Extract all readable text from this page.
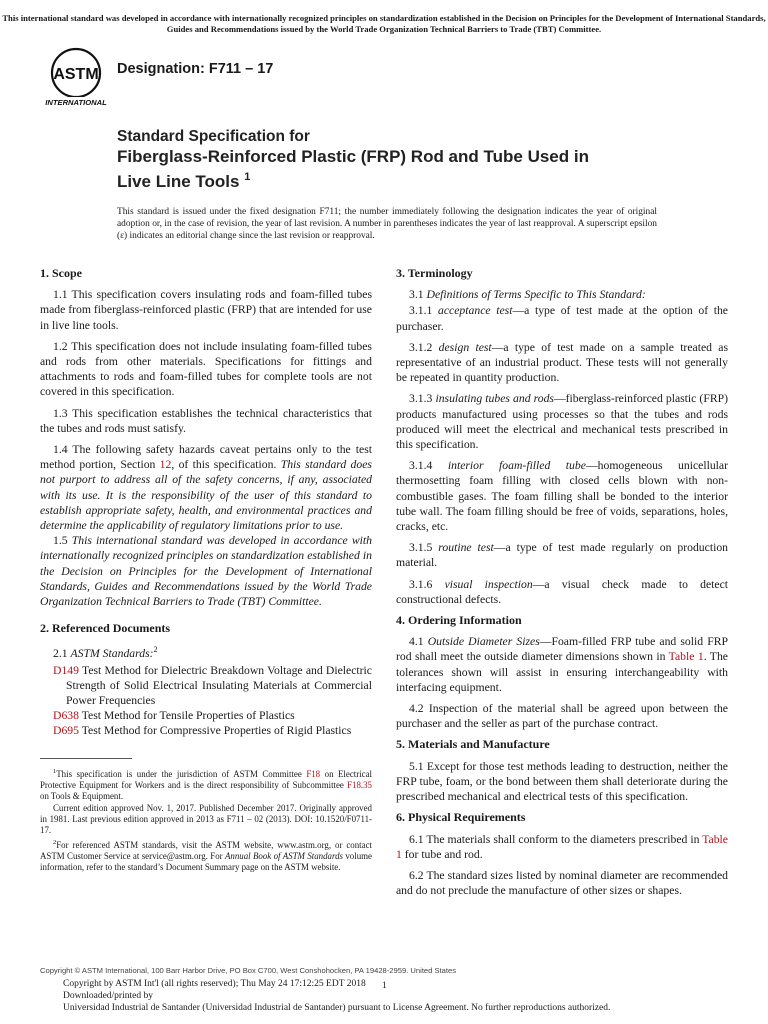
This international standard was developed in accordance with internationally recognized principles on standardization established in the Decision on Principles for the Development of International Standards, Guides and Recommendations issued by the World Trade Organization Technical Barriers to Trade (TBT) Committee.
ASTM
INTERNATIONAL
Designation: F711 – 17
Standard Specification for
Fiberglass-Reinforced Plastic (FRP) Rod and Tube Used in
Live Line Tools $^1$
This standard is issued under the fixed designation F711; the number immediately following the designation indicates the year of original adoption or, in the case of revision, the year of last revision. A number in parentheses indicates the year of last reapproval. A superscript epsilon (ε) indicates an editorial change since the last revision or reapproval.
1. Scope

1.1 This specification covers insulating rods and foam-filled tubes made from fiberglass-reinforced plastic (FRP) that are intended for use in live line tools.

1.2 This specification does not include insulating foam-filled tubes and rods from other materials. Specifications for fittings and attachments to rods and foam-filled tubes for complete tools are not covered in this specification.

1.3 This specification establishes the technical characteristics that the tubes and rods must satisfy.

1.4 The following safety hazards caveat pertains only to the test method portion, Section 12, of this specification. This standard does not purport to address all of the safety concerns, if any, associated with its use. It is the responsibility of the user of this standard to establish appropriate safety, health, and environmental practices and determine the applicability of regulatory limitations prior to use.

1.5 This international standard was developed in accordance with internationally recognized principles on standardization established in the Decision on Principles for the Development of International Standards, Guides and Recommendations issued by the World Trade Organization Technical Barriers to Trade (TBT) Committee.

2. Referenced Documents

2.1 ASTM Standards:$^2$

D149 Test Method for Dielectric Breakdown Voltage and Dielectric Strength of Solid Electrical Insulating Materials at Commercial Power Frequencies

D638 Test Method for Tensile Properties of Plastics

D695 Test Method for Compressive Properties of Rigid Plastics

$^1$This specification is under the jurisdiction of ASTM Committee F18 on Electrical Protective Equipment for Workers and is the direct responsibility of Subcommittee F18.35 on Tools & Equipment.

Current edition approved Nov. 1, 2017. Published December 2017. Originally approved in 1981. Last previous edition approved in 2013 as F711 – 02 (2013). DOI: 10.1520/F0711-17.

$^2$For referenced ASTM standards, visit the ASTM website, www.astm.org, or contact ASTM Customer Service at service@astm.org. For Annual Book of ASTM Standards volume information, refer to the standard’s Document Summary page on the ASTM website.

3. Terminology

3.1 Definitions of Terms Specific to This Standard:

3.1.1 acceptance test—a type of test made at the option of the purchaser.

3.1.2 design test—a type of test made on a sample treated as representative of an industrial product. These tests will not generally be repeated in quantity production.

3.1.3 insulating tubes and rods—fiberglass-reinforced plastic (FRP) products manufactured using processes so that the tubes and rods produced will meet the electrical and mechanical tests prescribed in this specification.

3.1.4 interior foam-filled tube—homogeneous unicellular thermosetting foam filling with closed cells blown with non-combustible gases. The foam filling shall be bonded to the interior tube wall. The foam filling should be free of voids, separations, holes, cracks, etc.

3.1.5 routine test—a type of test made regularly on production material.

3.1.6 visual inspection—a visual check made to detect constructional defects.

4. Ordering Information

4.1 Outside Diameter Sizes—Foam-filled FRP tube and solid FRP rod shall meet the outside diameter dimensions shown in Table 1. The tolerances shown will assist in ensuring interchangeability with interfacing equipment.

4.2 Inspection of the material shall be agreed upon between the purchaser and the seller as part of the purchase contract.

5. Materials and Manufacture

5.1 Except for those test methods leading to destruction, neither the FRP tube, foam, or the bond between them shall deteriorate during the prescribed mechanical and electrical tests of this specification.

6. Physical Requirements

6.1 The materials shall conform to the diameters prescribed in Table 1 for tube and rod.

6.2 The standard sizes listed by nominal diameter are recommended and do not preclude the manufacture of other sizes or shapes.

Copyright © ASTM International, 100 Barr Harbor Drive, PO Box C700, West Conshohocken, PA 19428-2959. United States
Copyright by ASTM Int'l (all rights reserved); Thu May 24 17:12:25 EDT 2018
Downloaded/printed by
Universidad Industrial de Santander (Universidad Industrial de Santander) pursuant to License Agreement. No further reproductions authorized.
1
